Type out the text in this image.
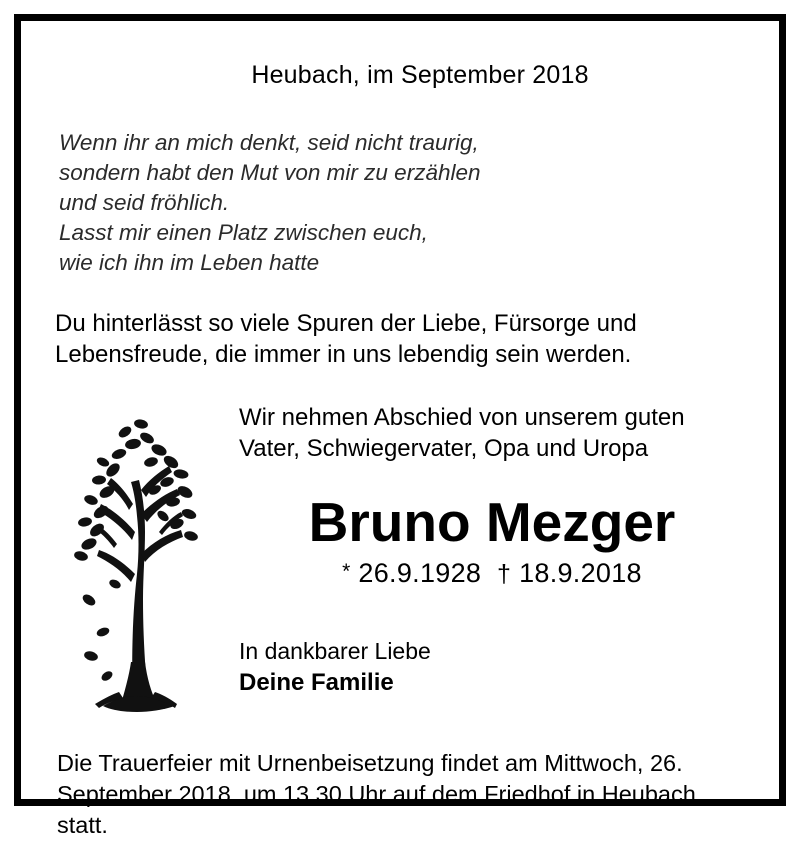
Heubach, im September 2018
Wenn ihr an mich denkt, seid nicht traurig,
sondern habt den Mut von mir zu erzählen
und seid fröhlich.
Lasst mir einen Platz zwischen euch,
wie ich ihn im Leben hatte
Du hinterlässt so viele Spuren der Liebe, Fürsorge und Lebensfreude, die immer in uns lebendig sein werden.
Wir nehmen Abschied von unserem guten Vater, Schwiegervater, Opa und Uropa
Bruno Mezger
* 26.9.1928 † 18.9.2018
In dankbarer Liebe
Deine Familie
Die Trauerfeier mit Urnenbeisetzung findet am Mittwoch, 26. September 2018, um 13.30 Uhr auf dem Friedhof in Heubach statt.
